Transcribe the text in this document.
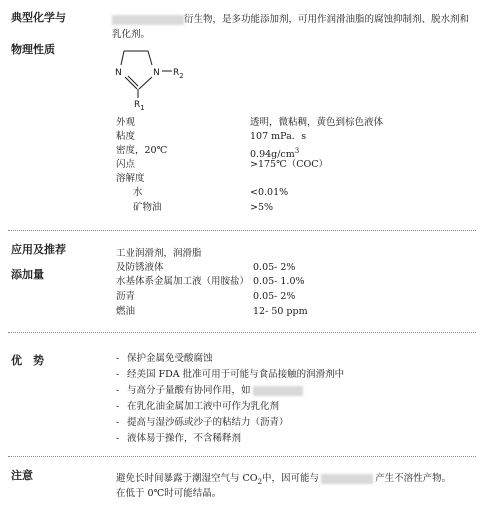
典型化学与
物理性质
衍生物，是多功能添加剂，可用作润滑油脂的腐蚀抑制剂、脱水剂和
乳化剂。
N	N $R_2$
$R_1$
外观	透明，微粘稠，黄色到棕色液体
粘度	107 mPa．s
密度，20℃	$0.94g/cm^3$
闪点	>175℃（COC）
溶解度
水	<0.01%
矿物油	>5%
应用及推荐
添加量
工业润滑剂，润滑脂
及防锈液体	0.05- 2%
水基体系金属加工液（用胺盐） 0.05- 1.0%
沥青	0.05- 2%
燃油	12- 50 ppm
优　势	- 保护金属免受酸腐蚀
- 经美国 FDA 批准可用于可能与食品接触的润滑剂中
- 与高分子量酸有协同作用，如
- 在乳化油金属加工液中可作为乳化剂
- 提高与湿沙砾或沙子的粘结力（沥青）
- 液体易于操作，不含稀释剂
注意	避免长时间暴露于潮湿空气与 $CO_2$中，因可能与	产生不溶性产物。
在低于 0℃时可能结晶。
